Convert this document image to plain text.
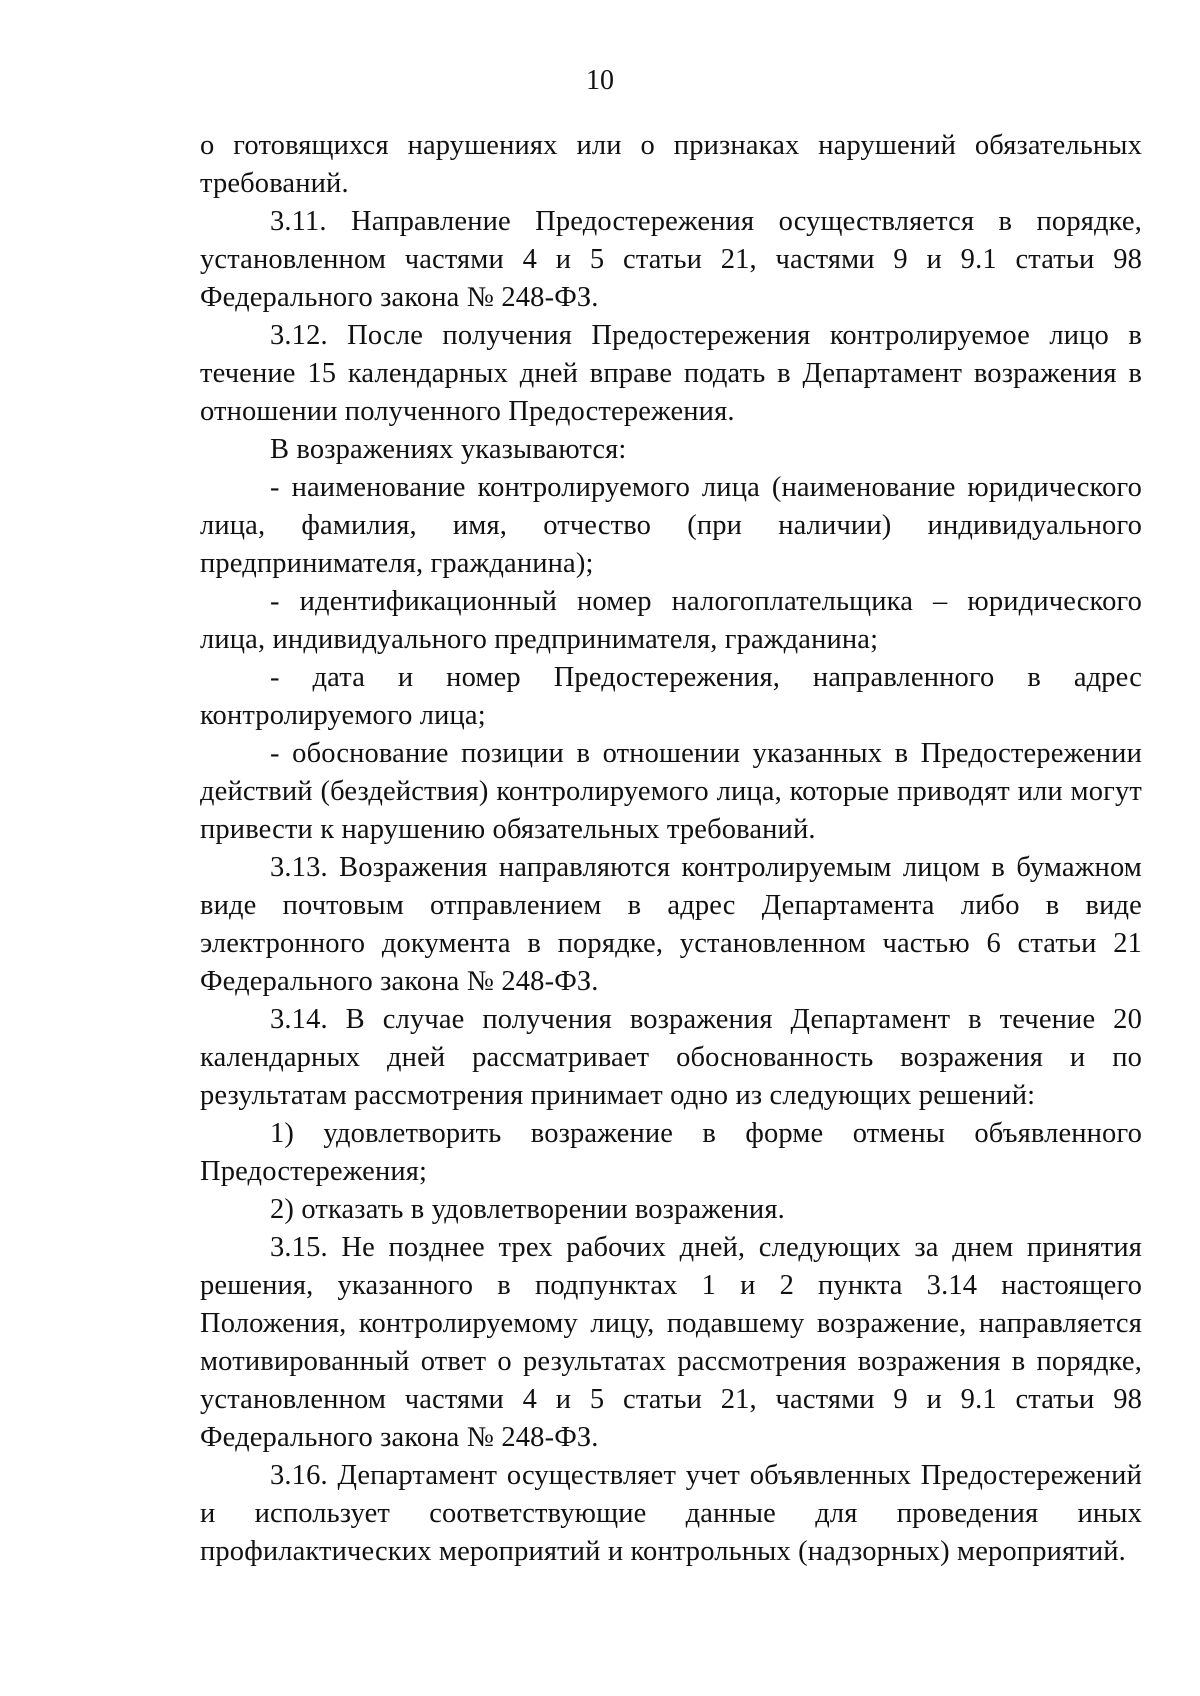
10

о готовящихся нарушениях или о признаках нарушений обязательных требований.

3.11. Направление Предостережения осуществляется в порядке, установленном частями 4 и 5 статьи 21, частями 9 и 9.1 статьи 98 Федерального закона № 248-ФЗ.

3.12. После получения Предостережения контролируемое лицо в течение 15 календарных дней вправе подать в Департамент возражения в отношении полученного Предостережения.

В возражениях указываются:

- наименование контролируемого лица (наименование юридического лица, фамилия, имя, отчество (при наличии) индивидуального предпринимателя, гражданина);

- идентификационный номер налогоплательщика – юридического лица, индивидуального предпринимателя, гражданина;

- дата и номер Предостережения, направленного в адрес контролируемого лица;

- обоснование позиции в отношении указанных в Предостережении действий (бездействия) контролируемого лица, которые приводят или могут привести к нарушению обязательных требований.

3.13. Возражения направляются контролируемым лицом в бумажном виде почтовым отправлением в адрес Департамента либо в виде электронного документа в порядке, установленном частью 6 статьи 21 Федерального закона № 248-ФЗ.

3.14. В случае получения возражения Департамент в течение 20 календарных дней рассматривает обоснованность возражения и по результатам рассмотрения принимает одно из следующих решений:

1) удовлетворить возражение в форме отмены объявленного Предостережения;

2) отказать в удовлетворении возражения.

3.15. Не позднее трех рабочих дней, следующих за днем принятия решения, указанного в подпунктах 1 и 2 пункта 3.14 настоящего Положения, контролируемому лицу, подавшему возражение, направляется мотивированный ответ о результатах рассмотрения возражения в порядке, установленном частями 4 и 5 статьи 21, частями 9 и 9.1 статьи 98 Федерального закона № 248-ФЗ.

3.16. Департамент осуществляет учет объявленных Предостережений и использует соответствующие данные для проведения иных профилактических мероприятий и контрольных (надзорных) мероприятий.
